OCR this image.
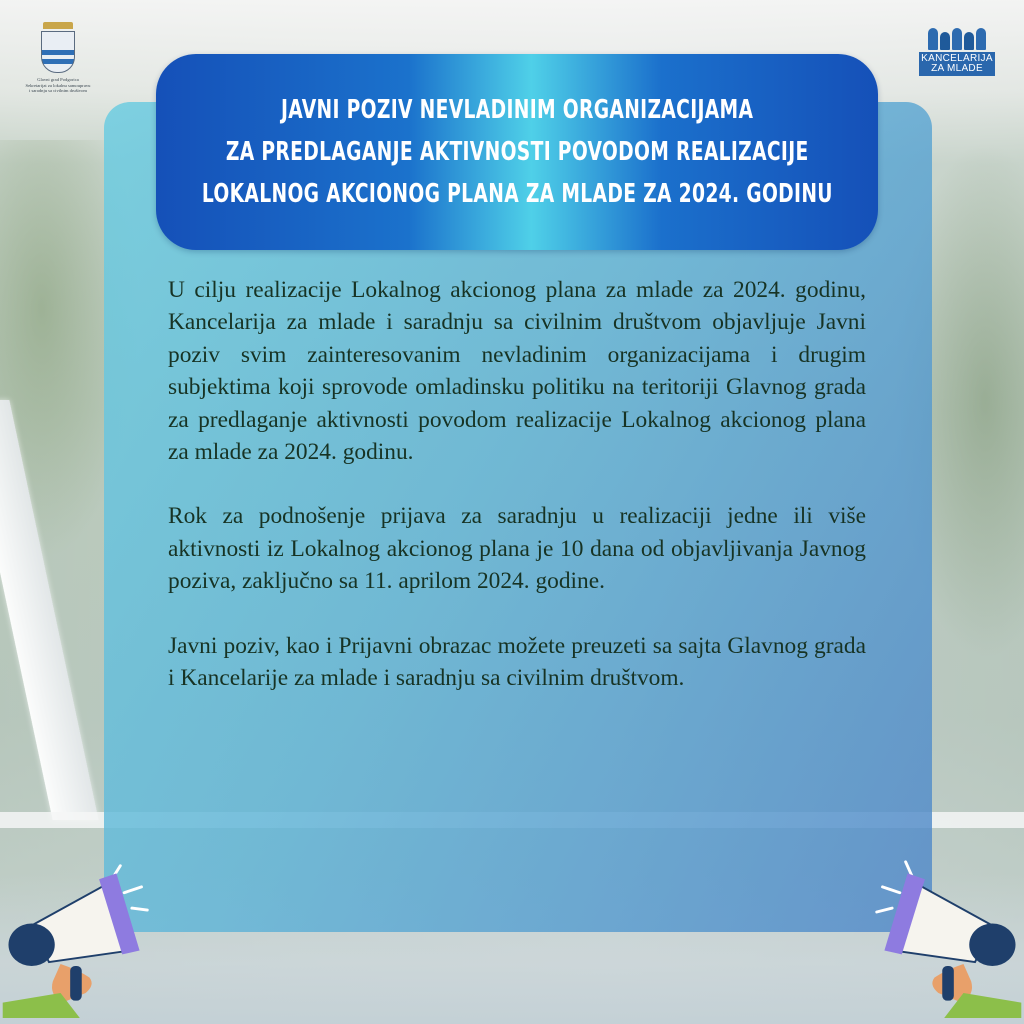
Glavni grad Podgorica
Sekretarijat za lokalnu samoupravu
i saradnju sa civilnim društvom
KANCELARIJA
ZA MLADE
JAVNI POZIV NEVLADINIM ORGANIZACIJAMA
ZA PREDLAGANJE AKTIVNOSTI POVODOM REALIZACIJE
LOKALNOG AKCIONOG PLANA ZA MLADE ZA 2024. GODINU

U cilju realizacije Lokalnog akcionog plana za mlade za 2024. godinu, Kancelarija za mlade i saradnju sa civilnim društvom objavljuje Javni poziv svim zainteresovanim nevladinim organizacijama i drugim subjektima koji sprovode omladinsku politiku na teritoriji Glavnog grada za predlaganje aktivnosti povodom realizacije Lokalnog akcionog plana za mlade za 2024. godinu.

Rok za podnošenje prijava za saradnju u realizaciji jedne ili više aktivnosti iz Lokalnog akcionog plana je 10 dana od objavljivanja Javnog poziva, zaključno sa 11. aprilom 2024. godine.

Javni poziv, kao i Prijavni obrazac možete preuzeti sa sajta Glavnog grada i Kancelarije za mlade i saradnju sa civilnim društvom.
